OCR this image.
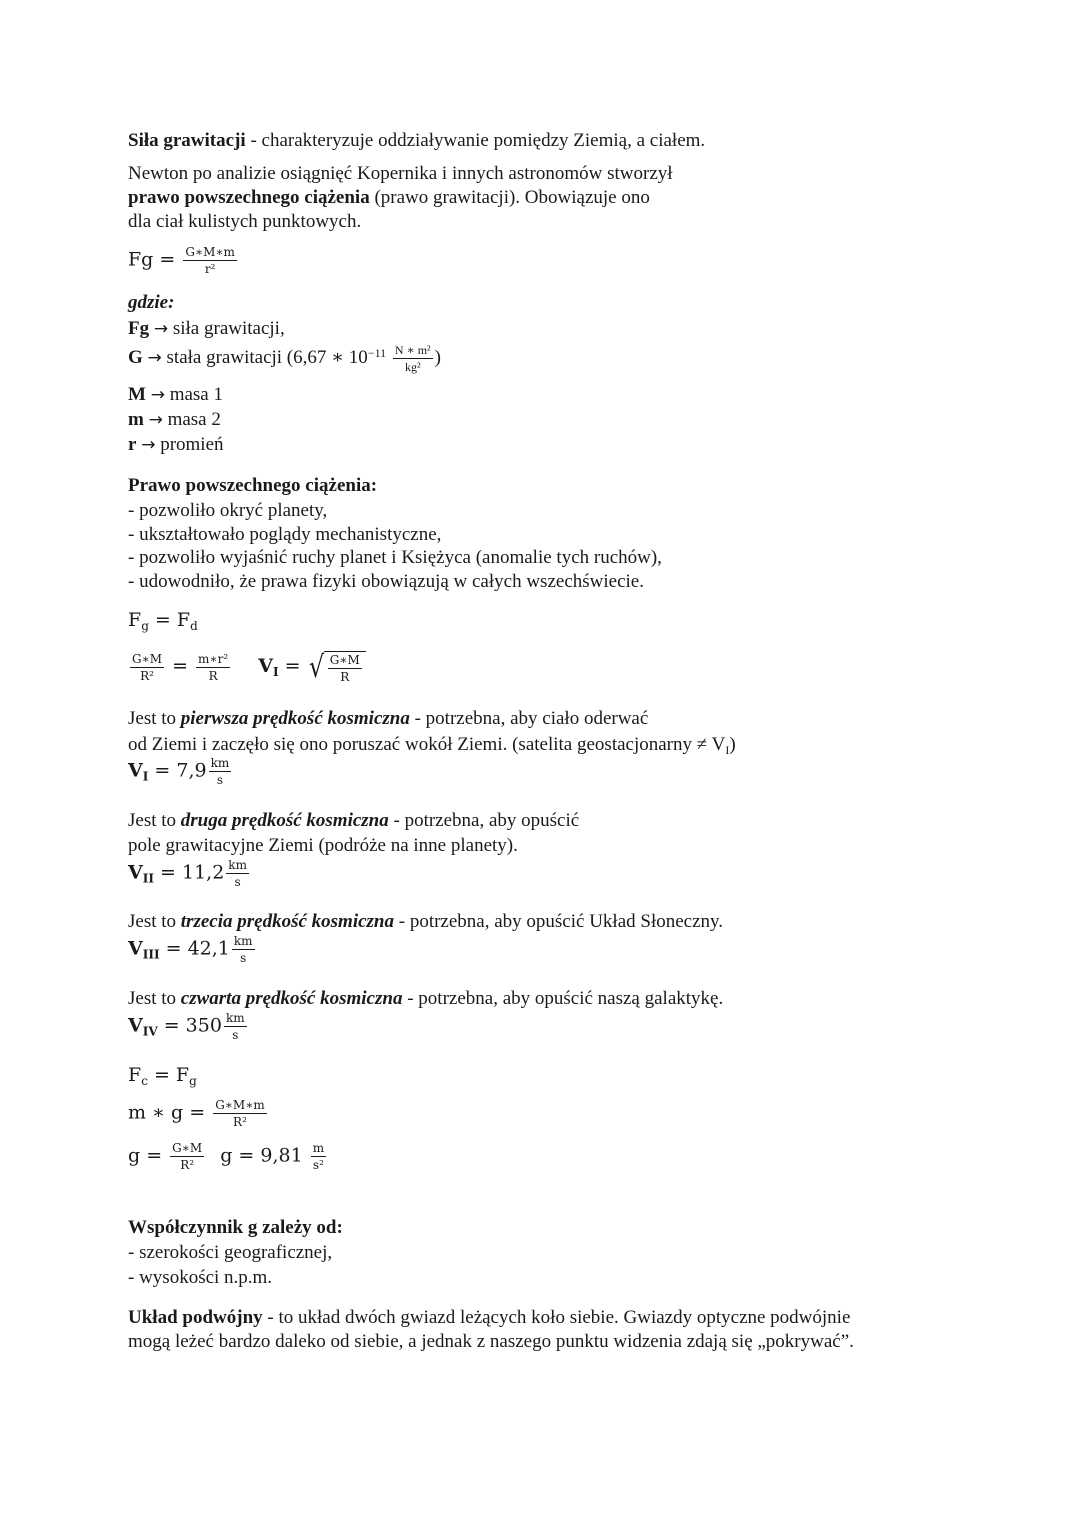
Siła grawitacji - charakteryzuje oddziaływanie pomiędzy Ziemią, a ciałem.
Newton po analizie osiągnięć Kopernika i innych astronomów stworzył
prawo powszechnego ciążenia (prawo grawitacji). Obowiązuje ono
dla ciał kulistych punktowych.
$Fg = \frac{G∗M∗m}{\text{r²}}$
gdzie:
Fg → siła grawitacji,
G → stała grawitacji (6,67 ∗ $10^{-11} \frac{\text{N ∗ m²}}{\text{kg²}}$ )
M → masa 1
m → masa 2
r → promień
Prawo powszechnego ciążenia:
- pozwoliło okryć planety,
- ukształtowało poglądy mechanistyczne,
- pozwoliło wyjaśnić ruchy planet i Księżyca (anomalie tych ruchów),
- udowodniło, że prawa fizyki obowiązują w całych wszechświecie.
$F_g = F_d$
$\frac{G∗M}{\text{R²}} = \frac{\text{m∗r²}}{R} V_I$ = √ $\frac{G∗M}{R}$
Jest to pierwsza prędkość kosmiczna - potrzebna, aby ciało oderwać
od Ziemi i zaczęło się ono poruszać wokół Ziemi. (satelita geostacjonarny ≠ $V_I$)
$V_I = 7,9 \frac{km}{s}$
Jest to druga prędkość kosmiczna - potrzebna, aby opuścić
pole grawitacyjne Ziemi (podróże na inne planety).
$V_{II} = 11,2 \frac{km}{s}$
Jest to trzecia prędkość kosmiczna - potrzebna, aby opuścić Układ Słoneczny.
$V_{III} = 42,1 \frac{km}{s}$
Jest to czwarta prędkość kosmiczna - potrzebna, aby opuścić naszą galaktykę.
$V_{IV} = 350 \frac{km}{s}$
$F_c = F_g$
m ∗ $g = \frac{G∗M∗m}{\text{R²}}$
$g = \frac{G∗M}{\text{R²}}$ $g = 9,81 \frac{m}{\text{s²}}$
Współczynnik g zależy od:
- szerokości geograficznej,
- wysokości n.p.m.
Układ podwójny - to układ dwóch gwiazd leżących koło siebie. Gwiazdy optyczne podwójnie
mogą leżeć bardzo daleko od siebie, a jednak z naszego punktu widzenia zdają się „pokrywać”.
